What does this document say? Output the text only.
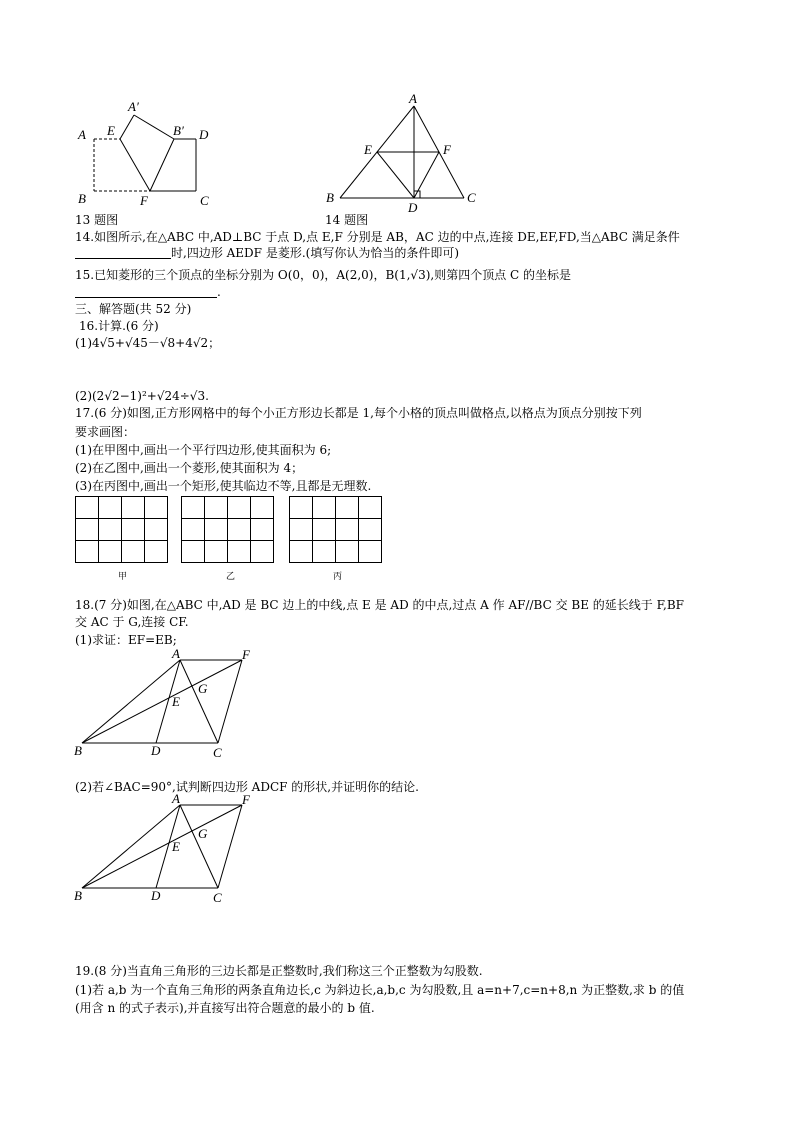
A
A′
E	B′ D
B	F	C
13 题图
A
E	F
B
D
C
14 题图
14.如图所示,在△ABC 中,AD⊥BC 于点 D,点 E,F 分别是 AB，AC 边的中点,连接 DE,EF,FD,当△ABC 满足条件
时,四边形 AEDF 是菱形.(填写你认为恰当的条件即可)
15.已知菱形的三个顶点的坐标分别为 O(0，0)，A(2,0)，B(1,√3),则第四个顶点 C 的坐标是
.
三、解答题(共 52 分)
16.计算.(6 分)
(1)4√5+√45－√8+4√2；
(2)(2√2−1)²+√24÷√3.
17.(6 分)如图,正方形网格中的每个小正方形边长都是 1,每个小格的顶点叫做格点,以格点为顶点分别按下列
要求画图：
(1)在甲图中,画出一个平行四边形,使其面积为 6;
(2)在乙图中,画出一个菱形,使其面积为 4；
(3)在丙图中,画出一个矩形,使其临边不等,且都是无理数.

甲	乙	丙
18.(7 分)如图,在△ABC 中,AD 是 BC 边上的中线,点 E 是 AD 的中点,过点 A 作 AF//BC 交 BE 的延长线于 F,BF
交 AC 于 G,连接 CF.
(1)求证：EF=EB;
A	F
G
E
B	D	C
(2)若∠BAC=90°,试判断四边形 ADCF 的形状,并证明你的结论.
A	F
G
E
B	D	C
19.(8 分)当直角三角形的三边长都是正整数时,我们称这三个正整数为勾股数.
(1)若 a,b 为一个直角三角形的两条直角边长,c 为斜边长,a,b,c 为勾股数,且 a=n+7,c=n+8,n 为正整数,求 b 的值
(用含 n 的式子表示),并直接写出符合题意的最小的 b 值.
